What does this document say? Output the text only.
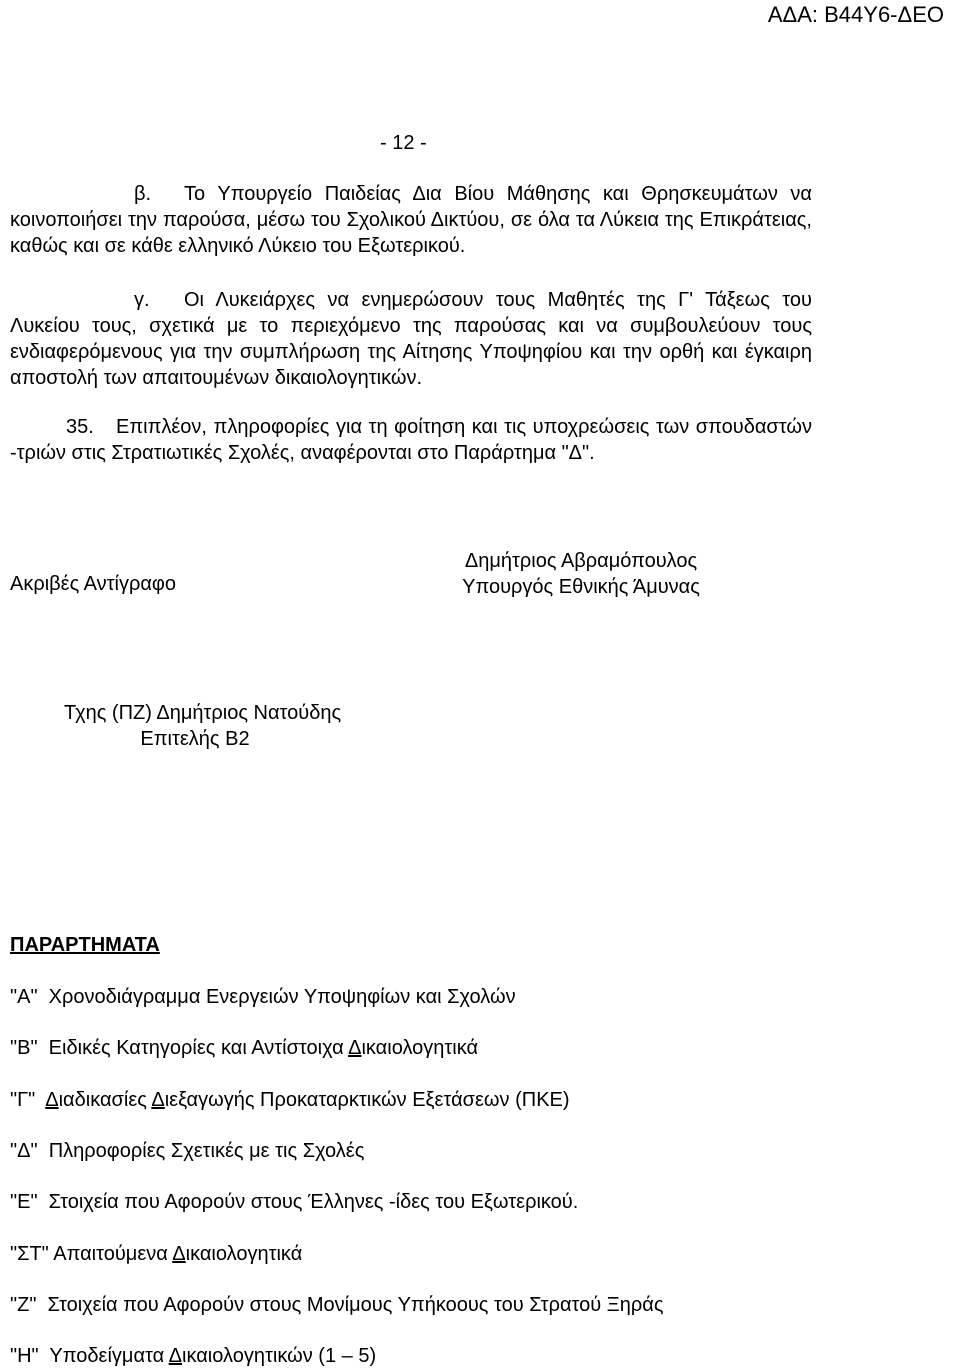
ΑΔΑ: Β44Υ6-ΔΕΟ
- 12 -

β. Το Υπουργείο Παιδείας Δια Βίου Μάθησης και Θρησκευμάτων να κοινοποιήσει την παρούσα, μέσω του Σχολικού Δικτύου, σε όλα τα Λύκεια της Επικράτειας, καθώς και σε κάθε ελληνικό Λύκειο του Εξωτερικού.

γ. Οι Λυκειάρχες να ενημερώσουν τους Μαθητές της Γ' Τάξεως του Λυκείου τους, σχετικά με το περιεχόμενο της παρούσας και να συμβουλεύουν τους ενδιαφερόμενους για την συμπλήρωση της Αίτησης Υποψηφίου και την ορθή και έγκαιρη αποστολή των απαιτουμένων δικαιολογητικών.

35. Επιπλέον, πληροφορίες για τη φοίτηση και τις υποχρεώσεις των σπουδαστών -τριών στις Στρατιωτικές Σχολές, αναφέρονται στο Παράρτημα "Δ".

Ακριβές Αντίγραφο
Δημήτριος Αβραμόπουλος
Υπουργός Εθνικής Άμυνας
Τχης (ΠΖ) Δημήτριος Νατούδης
Επιτελής Β2
ΠΑΡΑΡΤΗΜΑΤΑ
"Α" Χρονοδιάγραμμα Ενεργειών Υποψηφίων και Σχολών
"Β" Ειδικές Κατηγορίες και Αντίστοιχα Δικαιολογητικά
"Γ" Διαδικασίες Διεξαγωγής Προκαταρκτικών Εξετάσεων (ΠΚΕ)
"Δ" Πληροφορίες Σχετικές με τις Σχολές
"Ε" Στοιχεία που Αφορούν στους Έλληνες -ίδες του Εξωτερικού.
"ΣΤ" Απαιτούμενα Δικαιολογητικά
"Ζ" Στοιχεία που Αφορούν στους Μονίμους Υπήκοους του Στρατού Ξηράς
"Η" Υποδείγματα Δικαιολογητικών (1 – 5)
